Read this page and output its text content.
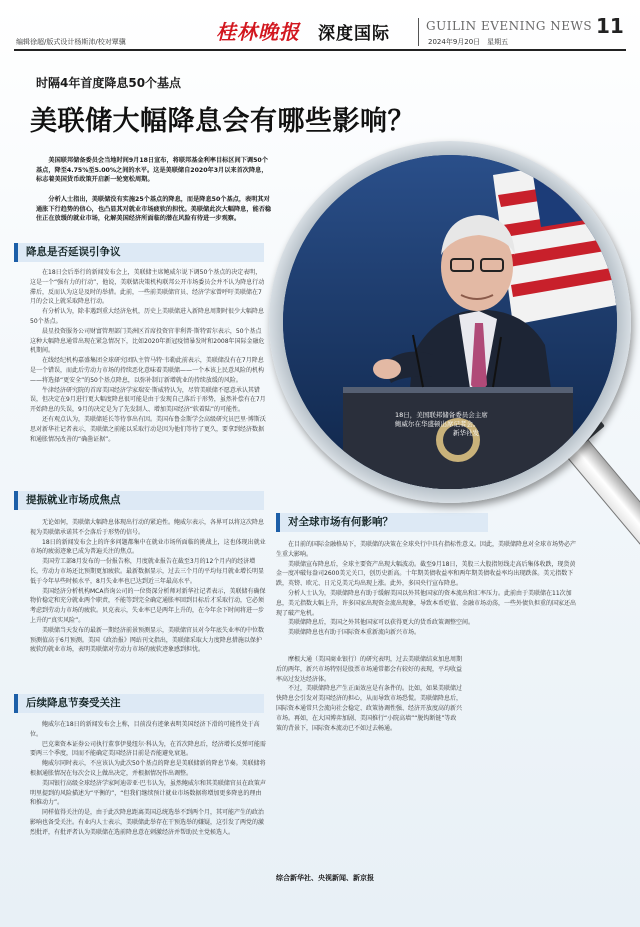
编辑徐超/版式设计杨斯沛/校对覃骥	桂林晚报 深度国际	GUILIN EVENING NEWS
2024年9月20日　星期五
11
时隔4年首度降息50个基点
美联储大幅降息会有哪些影响？

美国联邦储备委员会当地时间9月18日宣布，将联邦基金利率目标区间下调50个基点，降至4.75%至5.00%之间的水平。这是美联储自2020年3月以来首次降息，标志着美国货币政策开启新一轮宽松周期。

分析人士指出，美联储没有实施25个基点的降息，而是降息50个基点，表明其对通胀下行趋势的信心，也凸显其对就业市场疲软的担忧。美联储此次大幅降息，能否稳住正在放缓的就业市场，化解美国经济所面临的潜在风险有待进一步观察。

降息是否延误引争议

在18日会后举行的新闻发布会上，美联储主席鲍威尔说下调50个基点的决定表明，这是一个“强有力的行动”，他说，美联储决策机构联邦公开市场委员会并不认为降息行动滞后，反而认为这是及时的举措。此前，一些前美联储官员、经济学家曾呼吁美联储在7月的会议上就采取降息行动。

有分析认为，除非遇到重大经济危机，历史上美联储进入新降息周期时很少大幅降息50个基点。

晨星投资服务公司财富管理部门美洲区首席投资官菲利普·斯特雷尔表示，50个基点这种大幅降息通常出现在紧急情况下，比如2020年新冠疫情暴发时和2008年国际金融危机期间。

在线经纪机构嘉盛集团全球研究团队主管马特·韦勒此前表示，美联储没有在7月降息是一个错误，而此后劳动力市场的持续恶化意味着美联储——一个本该上民意风险的机构——将选择“更安全”的50个基点降息，以弥补制订新增就业的持续放缓的风险。

牛津经济研究院的首席美国经济学家瑞安·斯威特认为，尽管美联储不愿意承认其错误，但决定在9月进行更大幅度降息很可能是由于发现自己落后于形势，虽然补偿有在7月开始降息的失误，9月的决定是为了先发制人、增加美国经济“软着陆”的可能性。

还有观点认为，美联储延长等待事出有因。美国布鲁金斯学会高级研究员巴里·博斯沃思对新华社记者表示，美联储之前能以采取行动是因为他们等待了更久，要拿到经济数据和通胀情况改善的“确凿证据”。

提振就业市场成焦点

无论如何，美联储大幅降息体现出行动的紧迫性。鲍威尔表示，各界可以将这次降息视为美联储承诺其不会落后于形势的信号。

18日的新闻发布会上的许多问题都集中在就业市场所面临的挑战上，这也体现出就业市场的疲弱迹象已成为普遍关注的焦点。

美国劳工部8月发布的一份报告称，月度就业报告在截至3月的12个月内的经济增长，劳动力市场还比预期更加疲软。最新数据显示，过去三个月的平均每月就业增长明显低于今年早些时候水平，8月失业率也已达到近三年最高水平。

美国经济分析机构MCA咨询公司的一位资深分析师对新华社记者表示，美联储有确保物价稳定和充分就业两个职责，不能等到完全确定通胀率回到目标后才采取行动，它必须考虑到劳动力市场的疲软。贝克表示，失业率已是两年上升的，在今年余下时间将进一步上升的“真实风险”。

美联储当天发布的最新一期经济前景预测显示，美联储官员对今年底失业率的中位数预测值高于6月预测。美国《政治报》网站刊文指出，美联储采取大力度降息措施以保护疲软的就业市场，表明美联储对劳动力市场的疲软迹象感到担忧。

后续降息节奏受关注

鲍威尔在18日的新闻发布会上称，目前没有迹象表明美国经济下滑的可能性处于高位。

巴克莱资本证券公司执行董事伊曼纽尔·科认为，在首次降息后，经济增长反弹可能需要两三个季度，因而不能确定美国经济目前是否能避免衰退。

鲍威尔同时表示，不应该认为此次50个基点的降息是美联储新的降息节奏。美联储将根据通胀情况在每次会议上做出决定，并根据情况作出调整。

美国银行高级全球经济学家阿迪蒂亚·巴韦认为，虽然鲍威尔和其美联储官员在政策声明里提到的风险描述为“平衡的”，“但我们继续预计就业市场数据将增加更多降息的理由和推动力”。

同样值得关注的是，由于此次降息距离美国总统选举不到两个月，其可能产生的政治影响也备受关注。有业内人士表示，美联储此举存在干预选举的嫌疑，这引发了两党的激烈批评，有批评者认为美联储在选前降息意在刺激经济并帮助民主党候选人。

对全球市场有何影响？

在目前的国际金融格局下，美联储的决策在全球央行中具有指标性意义。因此，美联储降息对全球市场势必产生重大影响。

美联储宣布降息后，全球主要资产出现大幅波动。截至9月18日，美股三大股指短线走高后集体收跌，现货黄金一度冲破每盎司2600美元关口，创历史新高。十年期美债收益率和两年期美债收益率均出现跌落。美元指数下跌，英镑、欧元、日元兑美元均出现上涨。此外，多国央行宣布降息。

分析人士认为，美联储降息有助于缓解美国以外其他国家的资本流出和汇率压力。此前由于美联储在11次加息，美元指数大幅上升，许多国家出现资金流出现象，导致本币贬值、金融市场动荡，一些外债负担重的国家还出现了破产危机。

美联储降息后，美国之外其他国家可以获得更大的货币政策调整空间。

美联储降息也有助于国际资本重新流向新兴市场。

摩根大通（美国商业银行）的研究表明，过去美联储结束加息周期后的两年，新兴市场特别是股票市场通常都会有较好的表现，平均收益率高过发达经济体。

不过，美联储降息产生正面效应是有条件的。比如，如果美联储过快降息会引发对美国经济的担心，从而导致市场恐慌。美联储降息后，国际资本通常只会流向社会稳定、政策协调性强、经济开放度高的新兴市场。再如，在大国博弈加剧、美国推行“小院高墙”“脱钩断链”等政策的背景下，国际资本流动已不如过去畅通。

综合新华社、央视新闻、新京报
18日，美国联邦储备委员会主席
鲍威尔在华盛顿出席记者会。
新华社发
